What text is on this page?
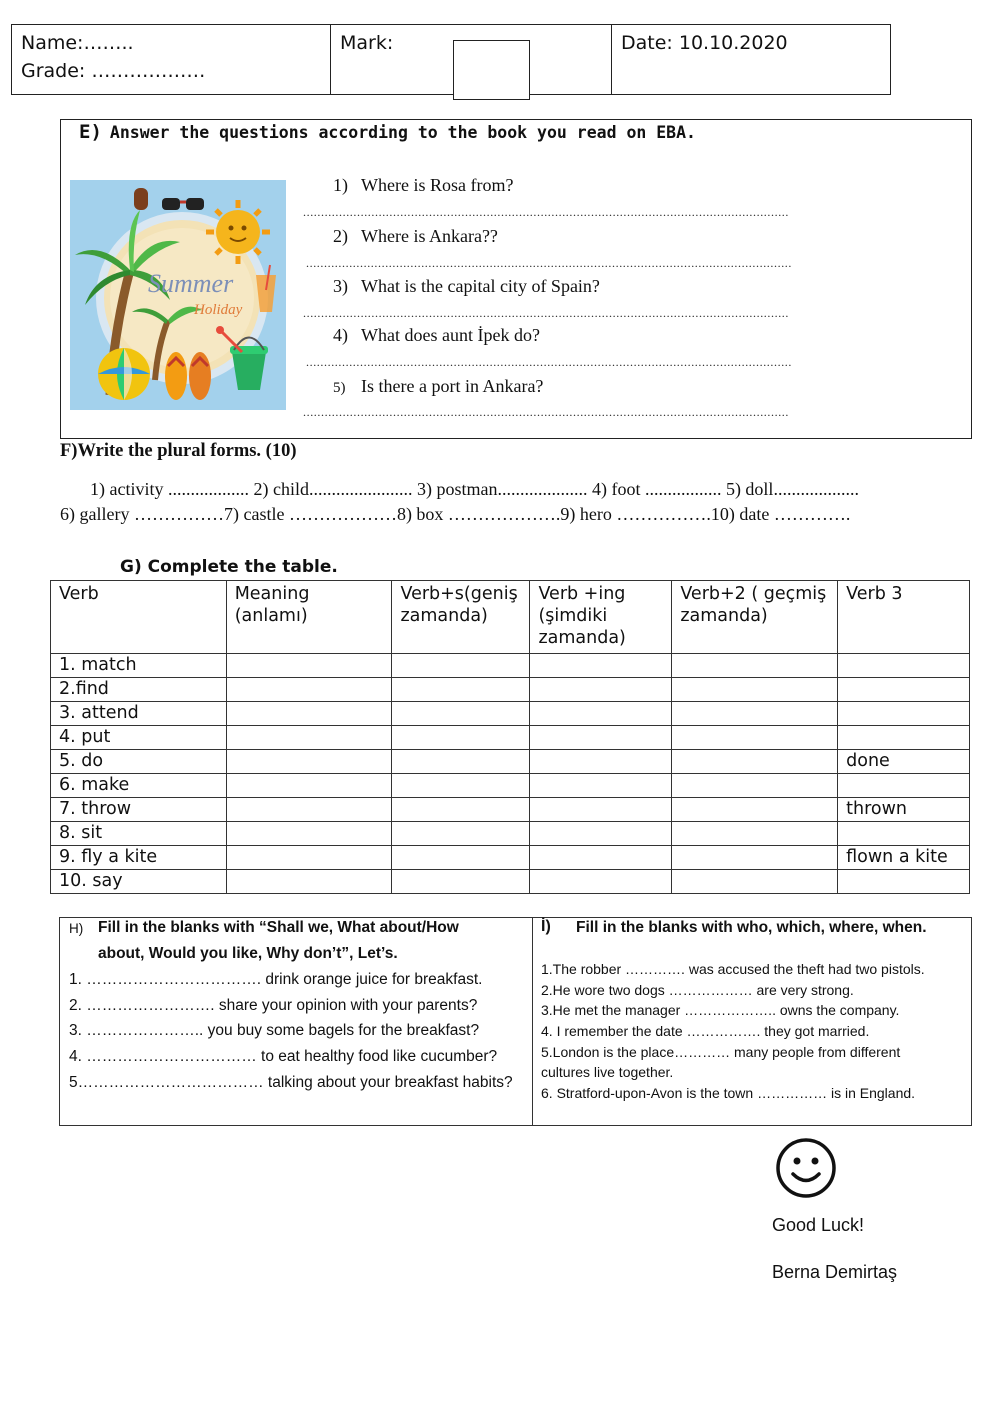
Name:……..
Grade: ………………
Mark:	Date: 10.10.2020
E) Answer the questions according to the book you read on EBA.
Summer
Holiday
1) Where is Rosa from?
.......................................................................................................................................
2) Where is Ankara??
.......................................................................................................................................
3) What is the capital city of Spain?
.......................................................................................................................................
4) What does aunt İpek do?
.......................................................................................................................................
5) Is there a port in Ankara?
.......................................................................................................................................
F)Write the plural forms. (10)
1) activity .................. 2) child....................... 3) postman.................... 4) foot ................. 5) doll...................
6) gallery ……………7) castle ………………8) box ……………….9) hero …………….10) date ………….
G) Complete the table.
Verb	Meaning (anlamı)	Verb+s(geniş zamanda)	Verb +ing (şimdiki zamanda)	Verb+2 ( geçmiş zamanda)	Verb 3
1. match					
2.find					
3. attend					
4. put					
5. do					done
6. make					
7. throw					thrown
8. sit					
9. fly a kite					flown a kite
10. say					
H) Fill in the blanks with “Shall we, What about/How
about, Would you like, Why don’t”, Let’s.
1. ……………………………. drink orange juice for breakfast.
2. ……………………. share your opinion with your parents?
3. ………………….. you buy some bagels for the breakfast?
4. …………………………… to eat healthy food like cucumber?
5……………………………… talking about your breakfast habits?
İ) Fill in the blanks with who, which, where, when.
1.The robber …………. was accused the theft had two pistols.
2.He wore two dogs ……………… are very strong.
3.He met the manager ……………….. owns the company.
4. I remember the date ……………. they got married.
5.London is the place………… many people from different
cultures live together.
6. Stratford-upon-Avon is the town …………… is in England.
Good Luck!
Berna Demirtaş
